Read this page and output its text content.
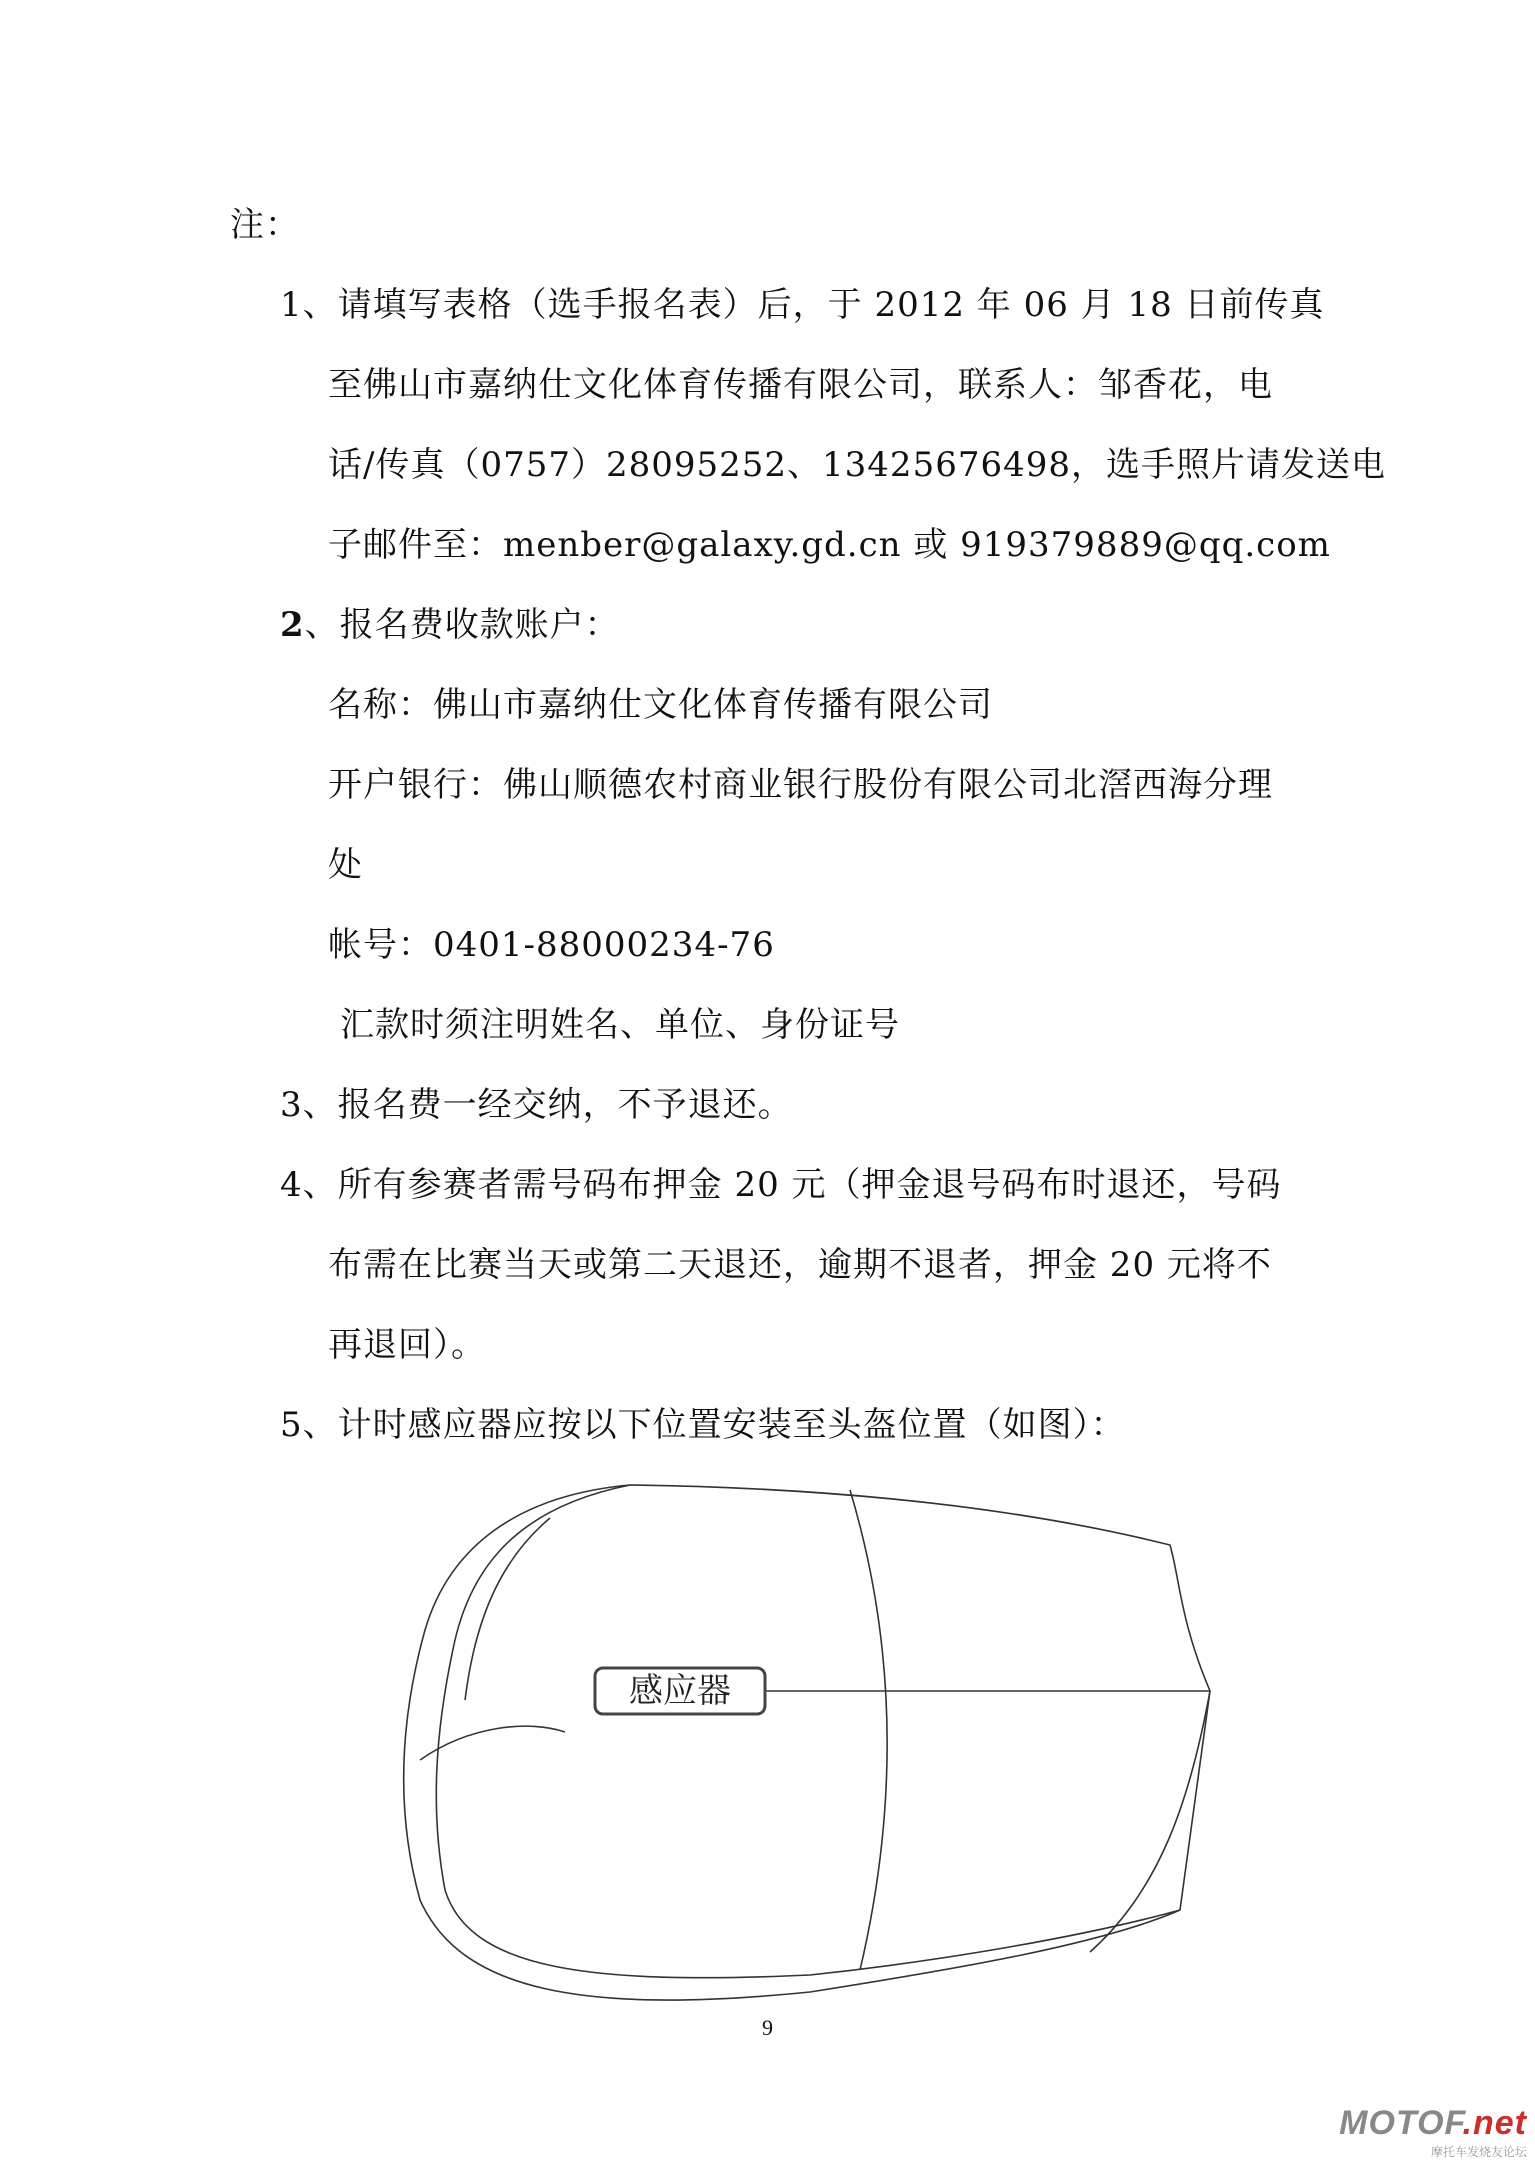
注：
1、请填写表格（选手报名表）后，于 2012 年 06 月 18 日前传真
至佛山市嘉纳仕文化体育传播有限公司，联系人：邹香花，电
话/传真（0757）28095252、13425676498，选手照片请发送电
子邮件至：menber@galaxy.gd.cn 或 919379889@qq.com
2、报名费收款账户：
名称：佛山市嘉纳仕文化体育传播有限公司
开户银行：佛山顺德农村商业银行股份有限公司北滘西海分理
处
帐号：0401-88000234-76
汇款时须注明姓名、单位、身份证号
3、报名费一经交纳，不予退还。
4、所有参赛者需号码布押金 20 元（押金退号码布时退还，号码
布需在比赛当天或第二天退还，逾期不退者，押金 20 元将不
再退回）。
5、计时感应器应按以下位置安装至头盔位置（如图）：
感应器
9
MOTOF.net
摩托车发烧友论坛
